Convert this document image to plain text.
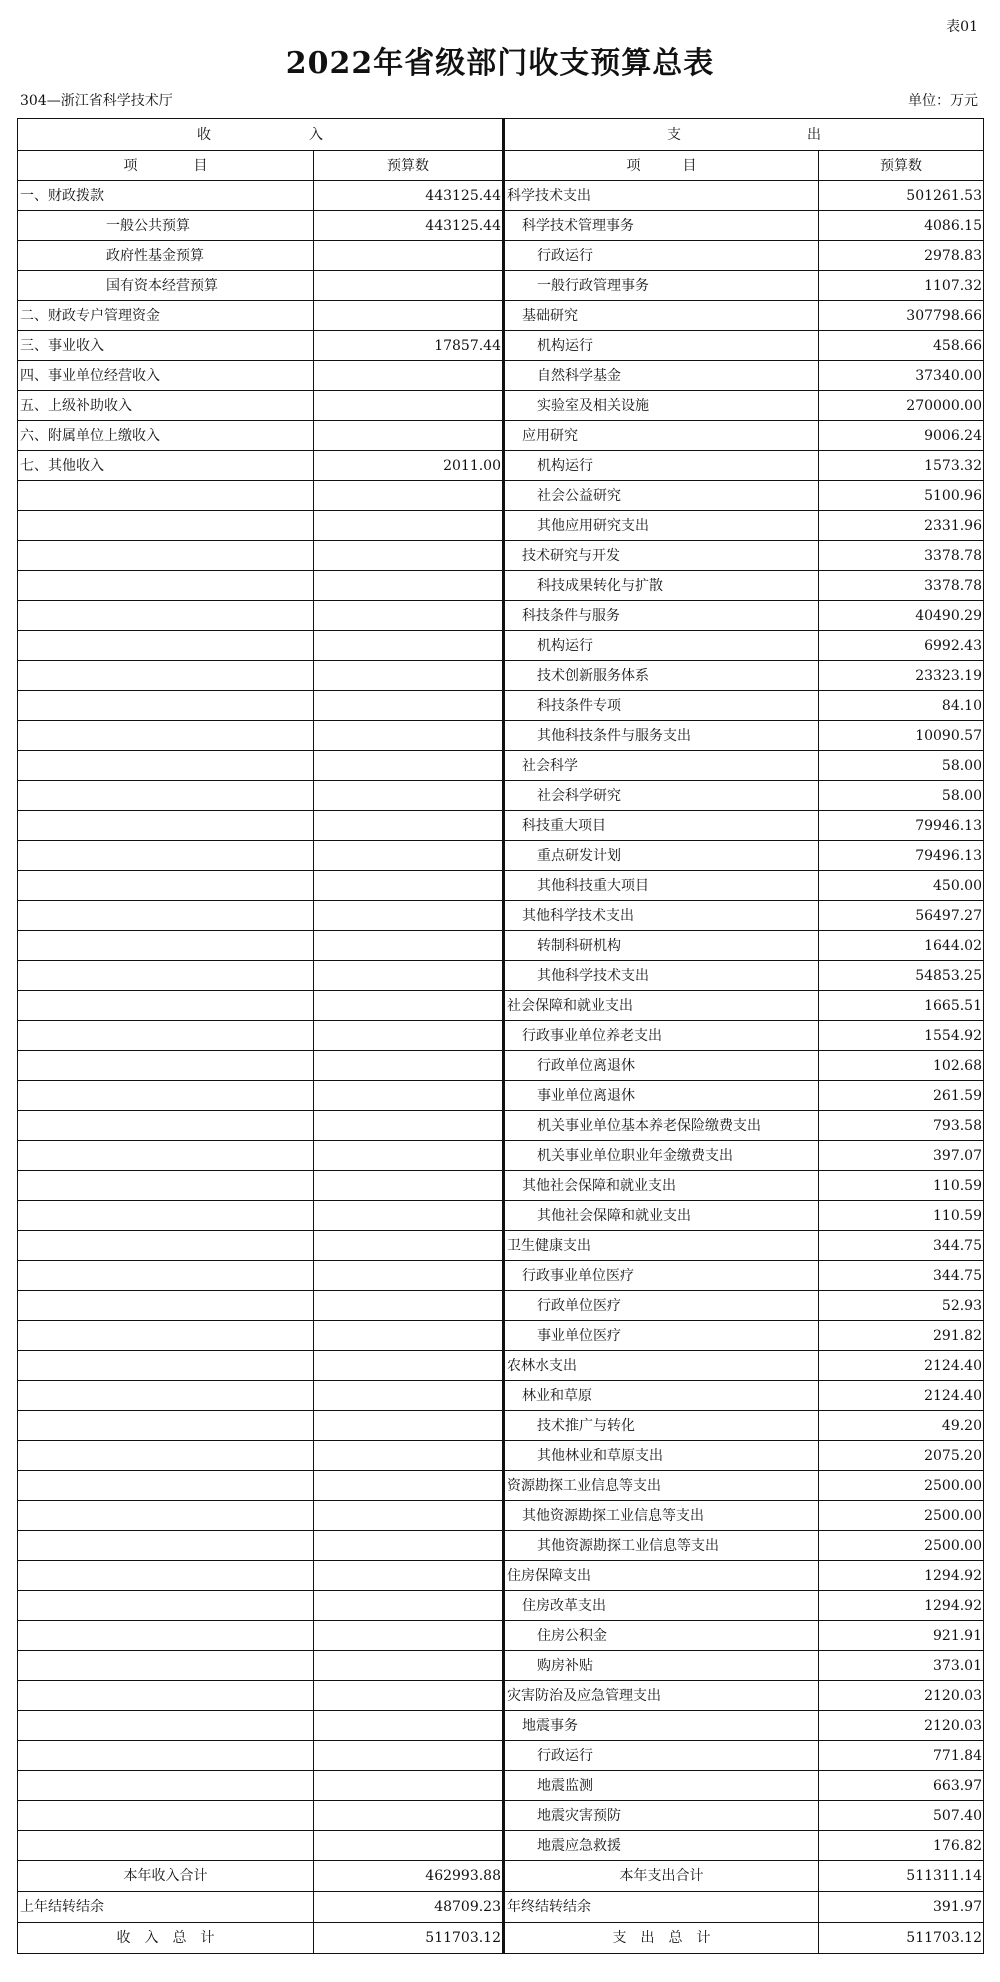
表01
2022年省级部门收支预算总表
304—浙江省科学技术厅	单位：万元
收　　　　　　　入		支　　　　　　　　　出	
项　　　　目	预算数	项　　　目	预算数
一、财政拨款	443125.44	科学技术支出	501261.53
一般公共预算	443125.44	科学技术管理事务	4086.15
政府性基金预算		行政运行	2978.83
国有资本经营预算		一般行政管理事务	1107.32
二、财政专户管理资金		基础研究	307798.66
三、事业收入	17857.44	机构运行	458.66
四、事业单位经营收入		自然科学基金	37340.00
五、上级补助收入		实验室及相关设施	270000.00
六、附属单位上缴收入		应用研究	9006.24
七、其他收入	2011.00	机构运行	1573.32
		社会公益研究	5100.96
		其他应用研究支出	2331.96
		技术研究与开发	3378.78
		科技成果转化与扩散	3378.78
		科技条件与服务	40490.29
		机构运行	6992.43
		技术创新服务体系	23323.19
		科技条件专项	84.10
		其他科技条件与服务支出	10090.57
		社会科学	58.00
		社会科学研究	58.00
		科技重大项目	79946.13
		重点研发计划	79496.13
		其他科技重大项目	450.00
		其他科学技术支出	56497.27
		转制科研机构	1644.02
		其他科学技术支出	54853.25
		社会保障和就业支出	1665.51
		行政事业单位养老支出	1554.92
		行政单位离退休	102.68
		事业单位离退休	261.59
		机关事业单位基本养老保险缴费支出	793.58
		机关事业单位职业年金缴费支出	397.07
		其他社会保障和就业支出	110.59
		其他社会保障和就业支出	110.59
		卫生健康支出	344.75
		行政事业单位医疗	344.75
		行政单位医疗	52.93
		事业单位医疗	291.82
		农林水支出	2124.40
		林业和草原	2124.40
		技术推广与转化	49.20
		其他林业和草原支出	2075.20
		资源勘探工业信息等支出	2500.00
		其他资源勘探工业信息等支出	2500.00
		其他资源勘探工业信息等支出	2500.00
		住房保障支出	1294.92
		住房改革支出	1294.92
		住房公积金	921.91
		购房补贴	373.01
		灾害防治及应急管理支出	2120.03
		地震事务	2120.03
		行政运行	771.84
		地震监测	663.97
		地震灾害预防	507.40
		地震应急救援	176.82
本年收入合计	462993.88	本年支出合计	511311.14
上年结转结余	48709.23	年终结转结余	391.97
收　入　总　计	511703.12	支　出　总　计	511703.12
